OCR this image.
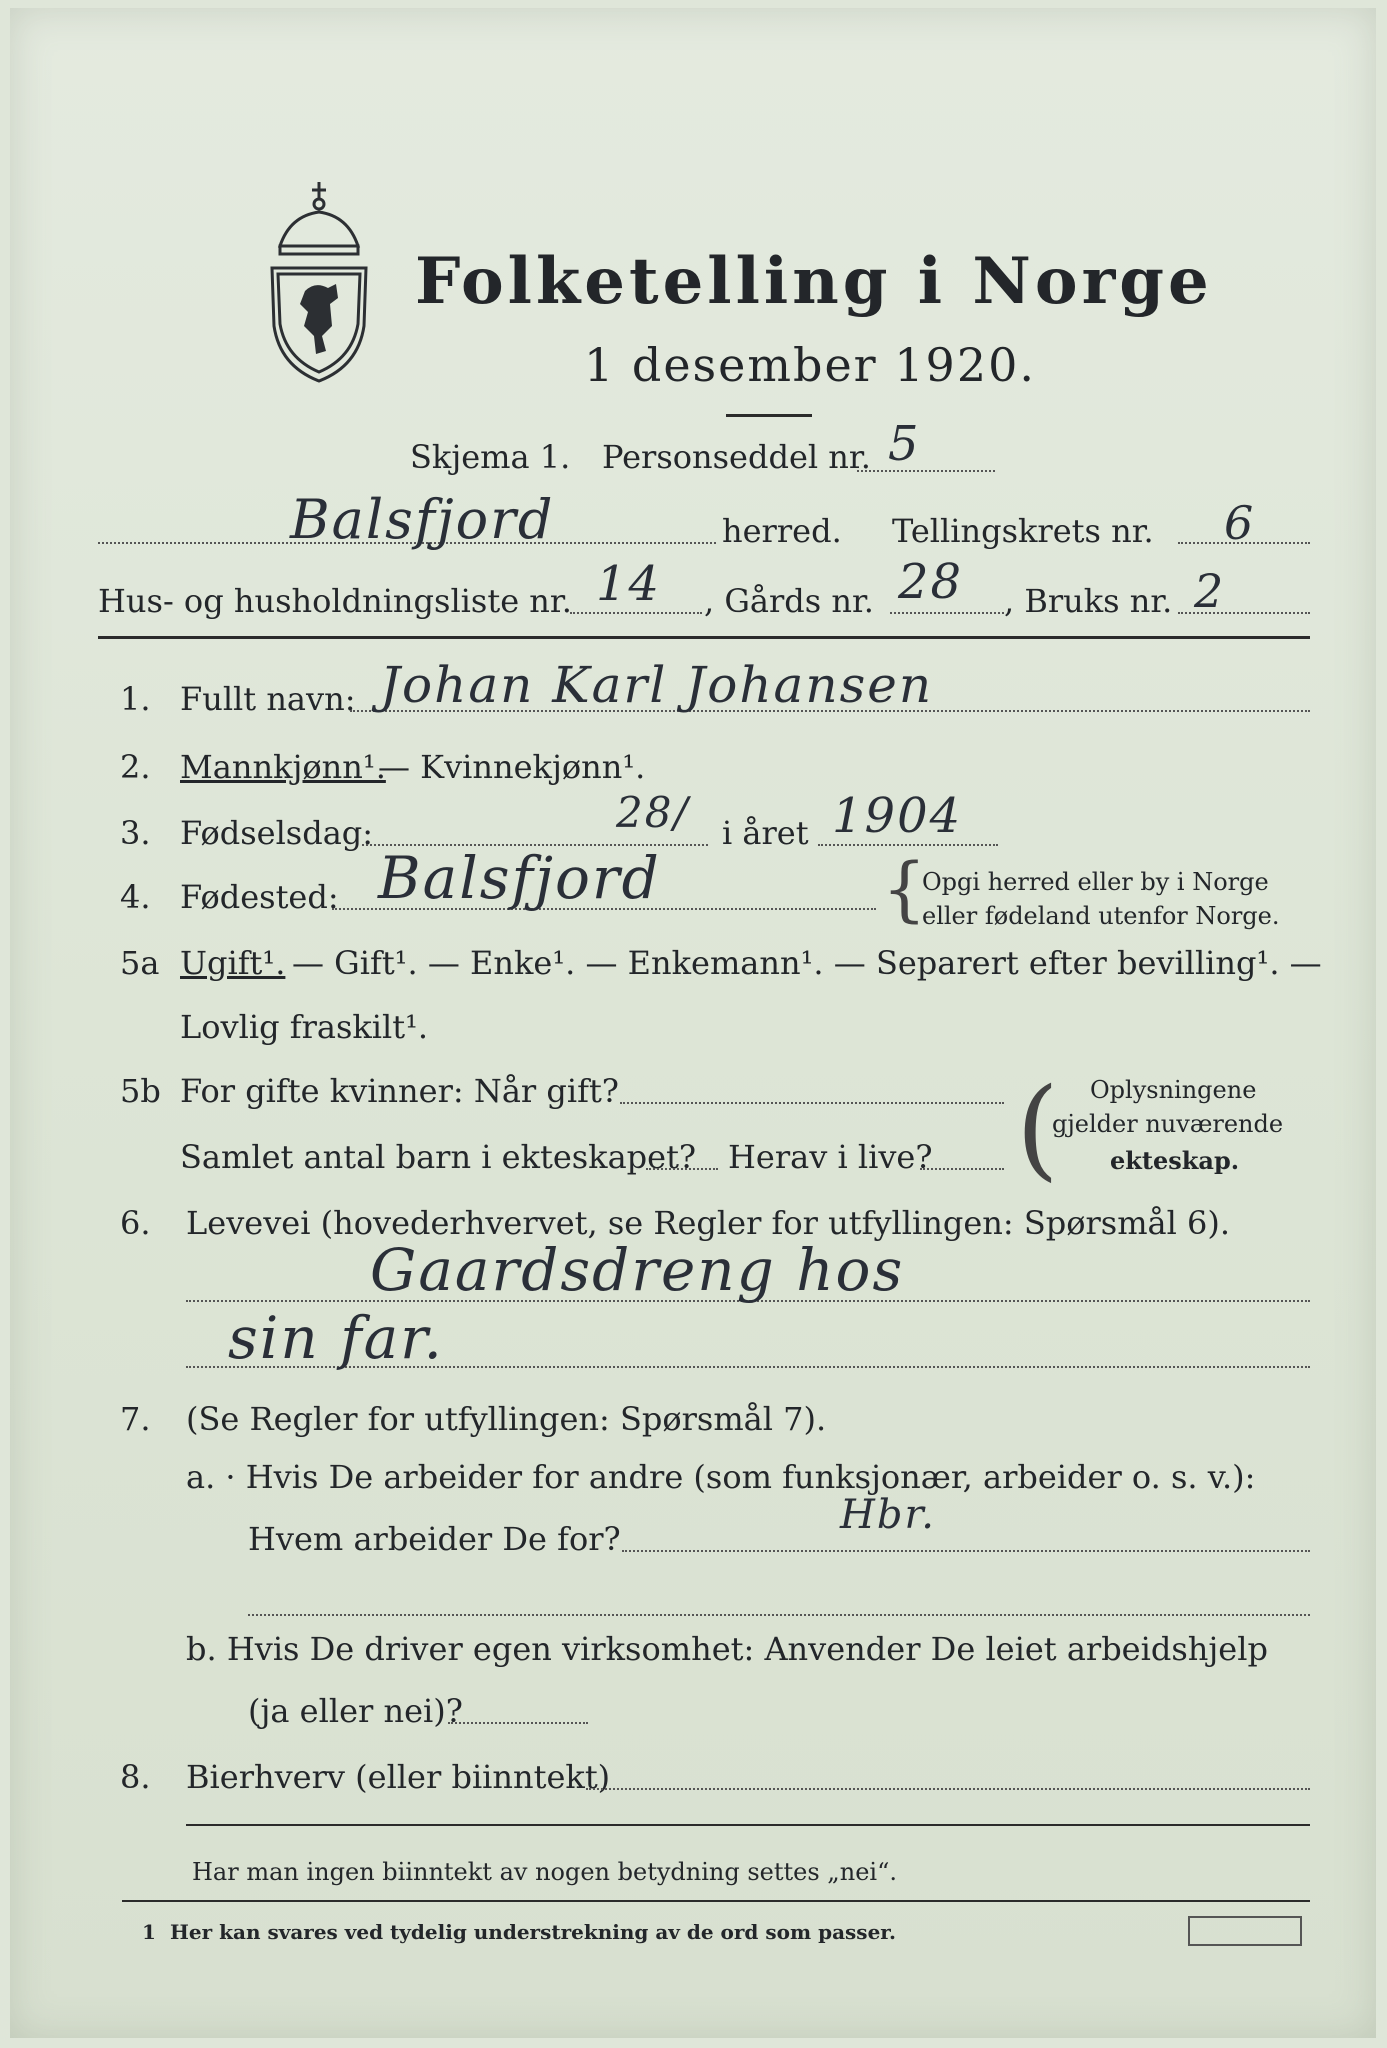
Folketelling i Norge
1 desember 1920.
Skjema 1. Personseddel nr. 5
Balsfjord	herred. Tellingskrets nr. 6
Hus- og husholdningsliste nr. 14 , Gårds nr. 28 , Bruks nr. 2
1. Fullt navn: Johan Karl Johansen
2. Mannkjønn¹.
— Kvinnekjønn¹.
3. Fødselsdag:	28/ i året 1904
4. Fødested: Balsfjord	{
Opgi herred eller by i Norge
eller fødeland utenfor Norge.
5a Ugift¹. — Gift¹. — Enke¹. — Enkemann¹. — Separert efter bevilling¹. —
Lovlig fraskilt¹.
5b For gifte kvinner: Når gift?
Samlet antal barn i ekteskapet? Herav i live? ( Oplysningene
gjelder nuværende
ekteskap.
6. Levevei (hovederhvervet, se Regler for utfyllingen: Spørsmål 6).
Gaardsdreng hos
sin far.
7. (Se Regler for utfyllingen: Spørsmål 7).
a. · Hvis De arbeider for andre (som funksjonær, arbeider o. s. v.):
Hvem arbeider De for?
Hbr.
b. Hvis De driver egen virksomhet: Anvender De leiet arbeidshjelp
(ja eller nei)?
8. Bierhverv (eller biinntekt)
Har man ingen biinntekt av nogen betydning settes „nei“.
1 Her kan svares ved tydelig understrekning av de ord som passer.
